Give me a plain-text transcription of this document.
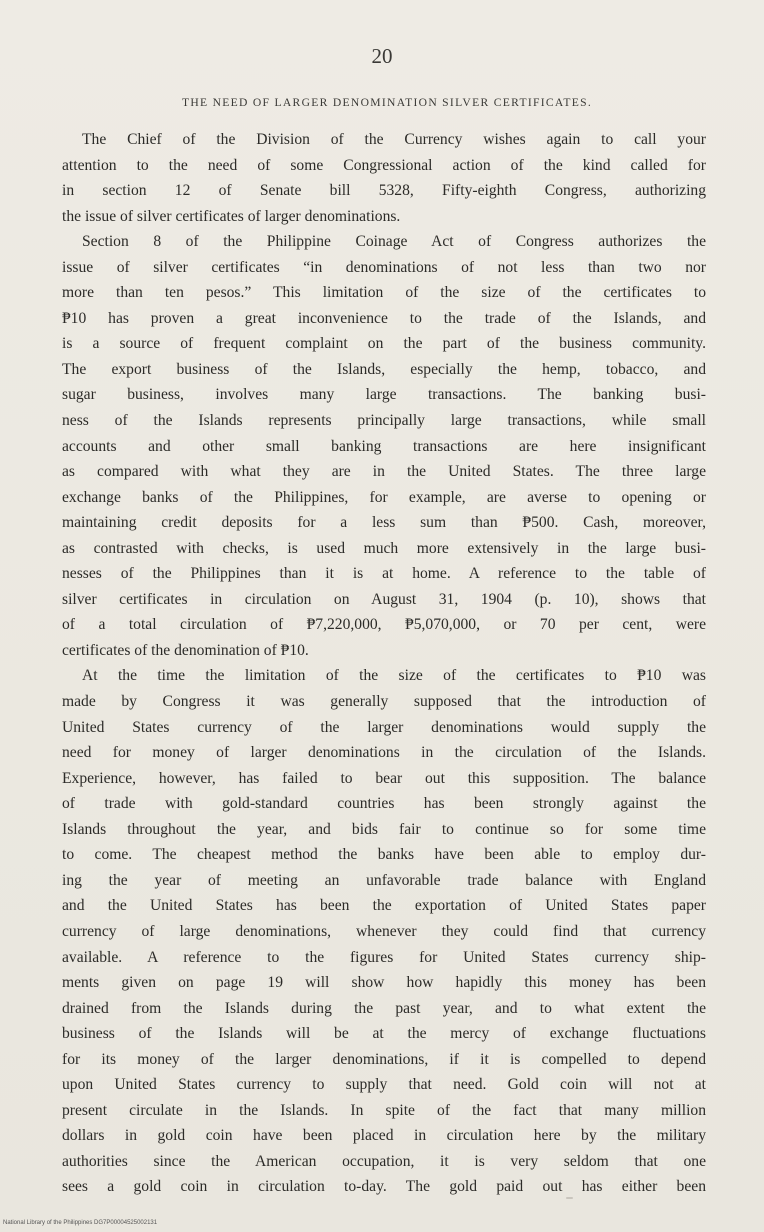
20
THE NEED OF LARGER DENOMINATION SILVER CERTIFICATES.
The Chief of the Division of the Currency wishes again to call your
attention to the need of some Congressional action of the kind called for
in section 12 of Senate bill 5328, Fifty-eighth Congress, authorizing
the issue of silver certificates of larger denominations.
Section 8 of the Philippine Coinage Act of Congress authorizes the
issue of silver certificates “in denominations of not less than two nor
more than ten pesos.” This limitation of the size of the certificates to
₱10 has proven a great inconvenience to the trade of the Islands, and
is a source of frequent complaint on the part of the business community.
The export business of the Islands, especially the hemp, tobacco, and
sugar business, involves many large transactions. The banking busi-
ness of the Islands represents principally large transactions, while small
accounts and other small banking transactions are here insignificant
as compared with what they are in the United States. The three large
exchange banks of the Philippines, for example, are averse to opening or
maintaining credit deposits for a less sum than ₱500. Cash, moreover,
as contrasted with checks, is used much more extensively in the large busi-
nesses of the Philippines than it is at home. A reference to the table of
silver certificates in circulation on August 31, 1904 (p. 10), shows that
of a total circulation of ₱7,220,000, ₱5,070,000, or 70 per cent, were
certificates of the denomination of ₱10.
At the time the limitation of the size of the certificates to ₱10 was
made by Congress it was generally supposed that the introduction of
United States currency of the larger denominations would supply the
need for money of larger denominations in the circulation of the Islands.
Experience, however, has failed to bear out this supposition. The balance
of trade with gold-standard countries has been strongly against the
Islands throughout the year, and bids fair to continue so for some time
to come. The cheapest method the banks have been able to employ dur-
ing the year of meeting an unfavorable trade balance with England
and the United States has been the exportation of United States paper
currency of large denominations, whenever they could find that currency
available. A reference to the figures for United States currency ship-
ments given on page 19 will show how hapidly this money has been
drained from the Islands during the past year, and to what extent the
business of the Islands will be at the mercy of exchange fluctuations
for its money of the larger denominations, if it is compelled to depend
upon United States currency to supply that need. Gold coin will not at
present circulate in the Islands. In spite of the fact that many million
dollars in gold coin have been placed in circulation here by the military
authorities since the American occupation, it is very seldom that one
sees a gold coin in circulation to-day. The gold paid out has either been
National Library of the Philippines DG7P00004525002131
